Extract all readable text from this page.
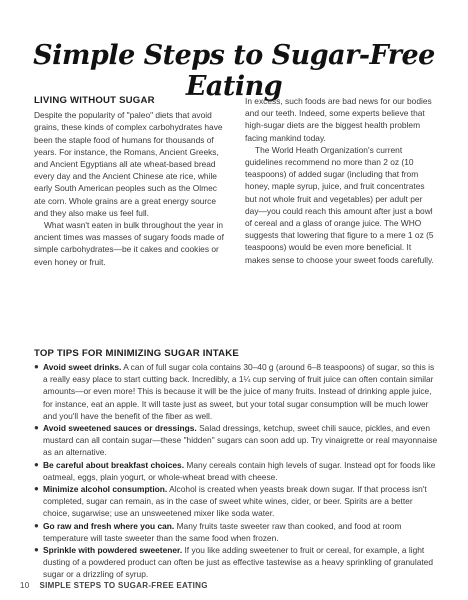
Simple Steps to Sugar-Free Eating
LIVING WITHOUT SUGAR

Despite the popularity of "paleo" diets that avoid grains, these kinds of complex carbohydrates have been the staple food of humans for thousands of years. For instance, the Romans, Ancient Greeks, and Ancient Egyptians all ate wheat-based bread every day and the Ancient Chinese ate rice, while early South American peoples such as the Olmec ate corn. Whole grains are a great energy source and they also make us feel full.

What wasn't eaten in bulk throughout the year in ancient times was masses of sugary foods made of simple carbohydrates—be it cakes and cookies or even honey or fruit.

In excess, such foods are bad news for our bodies and our teeth. Indeed, some experts believe that high-sugar diets are the biggest health problem facing mankind today.

The World Heath Organization's current guidelines recommend no more than 2 oz (10 teaspoons) of added sugar (including that from honey, maple syrup, juice, and fruit concentrates but not whole fruit and vegetables) per adult per day—you could reach this amount after just a bowl of cereal and a glass of orange juice. The WHO suggests that lowering that figure to a mere 1 oz (5 teaspoons) would be even more beneficial. It makes sense to choose your sweet foods carefully.

TOP TIPS FOR MINIMIZING SUGAR INTAKE
● Avoid sweet drinks. A can of full sugar cola contains 30–40 g (around 6–8 teaspoons) of sugar, so this is a really easy place to start cutting back. Incredibly, a 1¼ cup serving of fruit juice can often contain similar amounts—or even more! This is because it will be the juice of many fruits. Instead of drinking apple juice, for instance, eat an apple. It will taste just as sweet, but your total sugar consumption will be much lower and you'll have the benefit of the fiber as well.
● Avoid sweetened sauces or dressings. Salad dressings, ketchup, sweet chili sauce, pickles, and even mustard can all contain sugar—these "hidden" sugars can soon add up. Try vinaigrette or real mayonnaise as an alternative.
● Be careful about breakfast choices. Many cereals contain high levels of sugar. Instead opt for foods like oatmeal, eggs, plain yogurt, or whole-wheat bread with cheese.
● Minimize alcohol consumption. Alcohol is created when yeasts break down sugar. If that process isn't completed, sugar can remain, as in the case of sweet white wines, cider, or beer. Spirits are a better choice, sugarwise; use an unsweetened mixer like soda water.
● Go raw and fresh where you can. Many fruits taste sweeter raw than cooked, and food at room temperature will taste sweeter than the same food when frozen.
● Sprinkle with powdered sweetener. If you like adding sweetener to fruit or cereal, for example, a light dusting of a powdered product can often be just as effective tastewise as a heavy sprinkling of granulated sugar or a drizzling of syrup.
10 SIMPLE STEPS TO SUGAR-FREE EATING
